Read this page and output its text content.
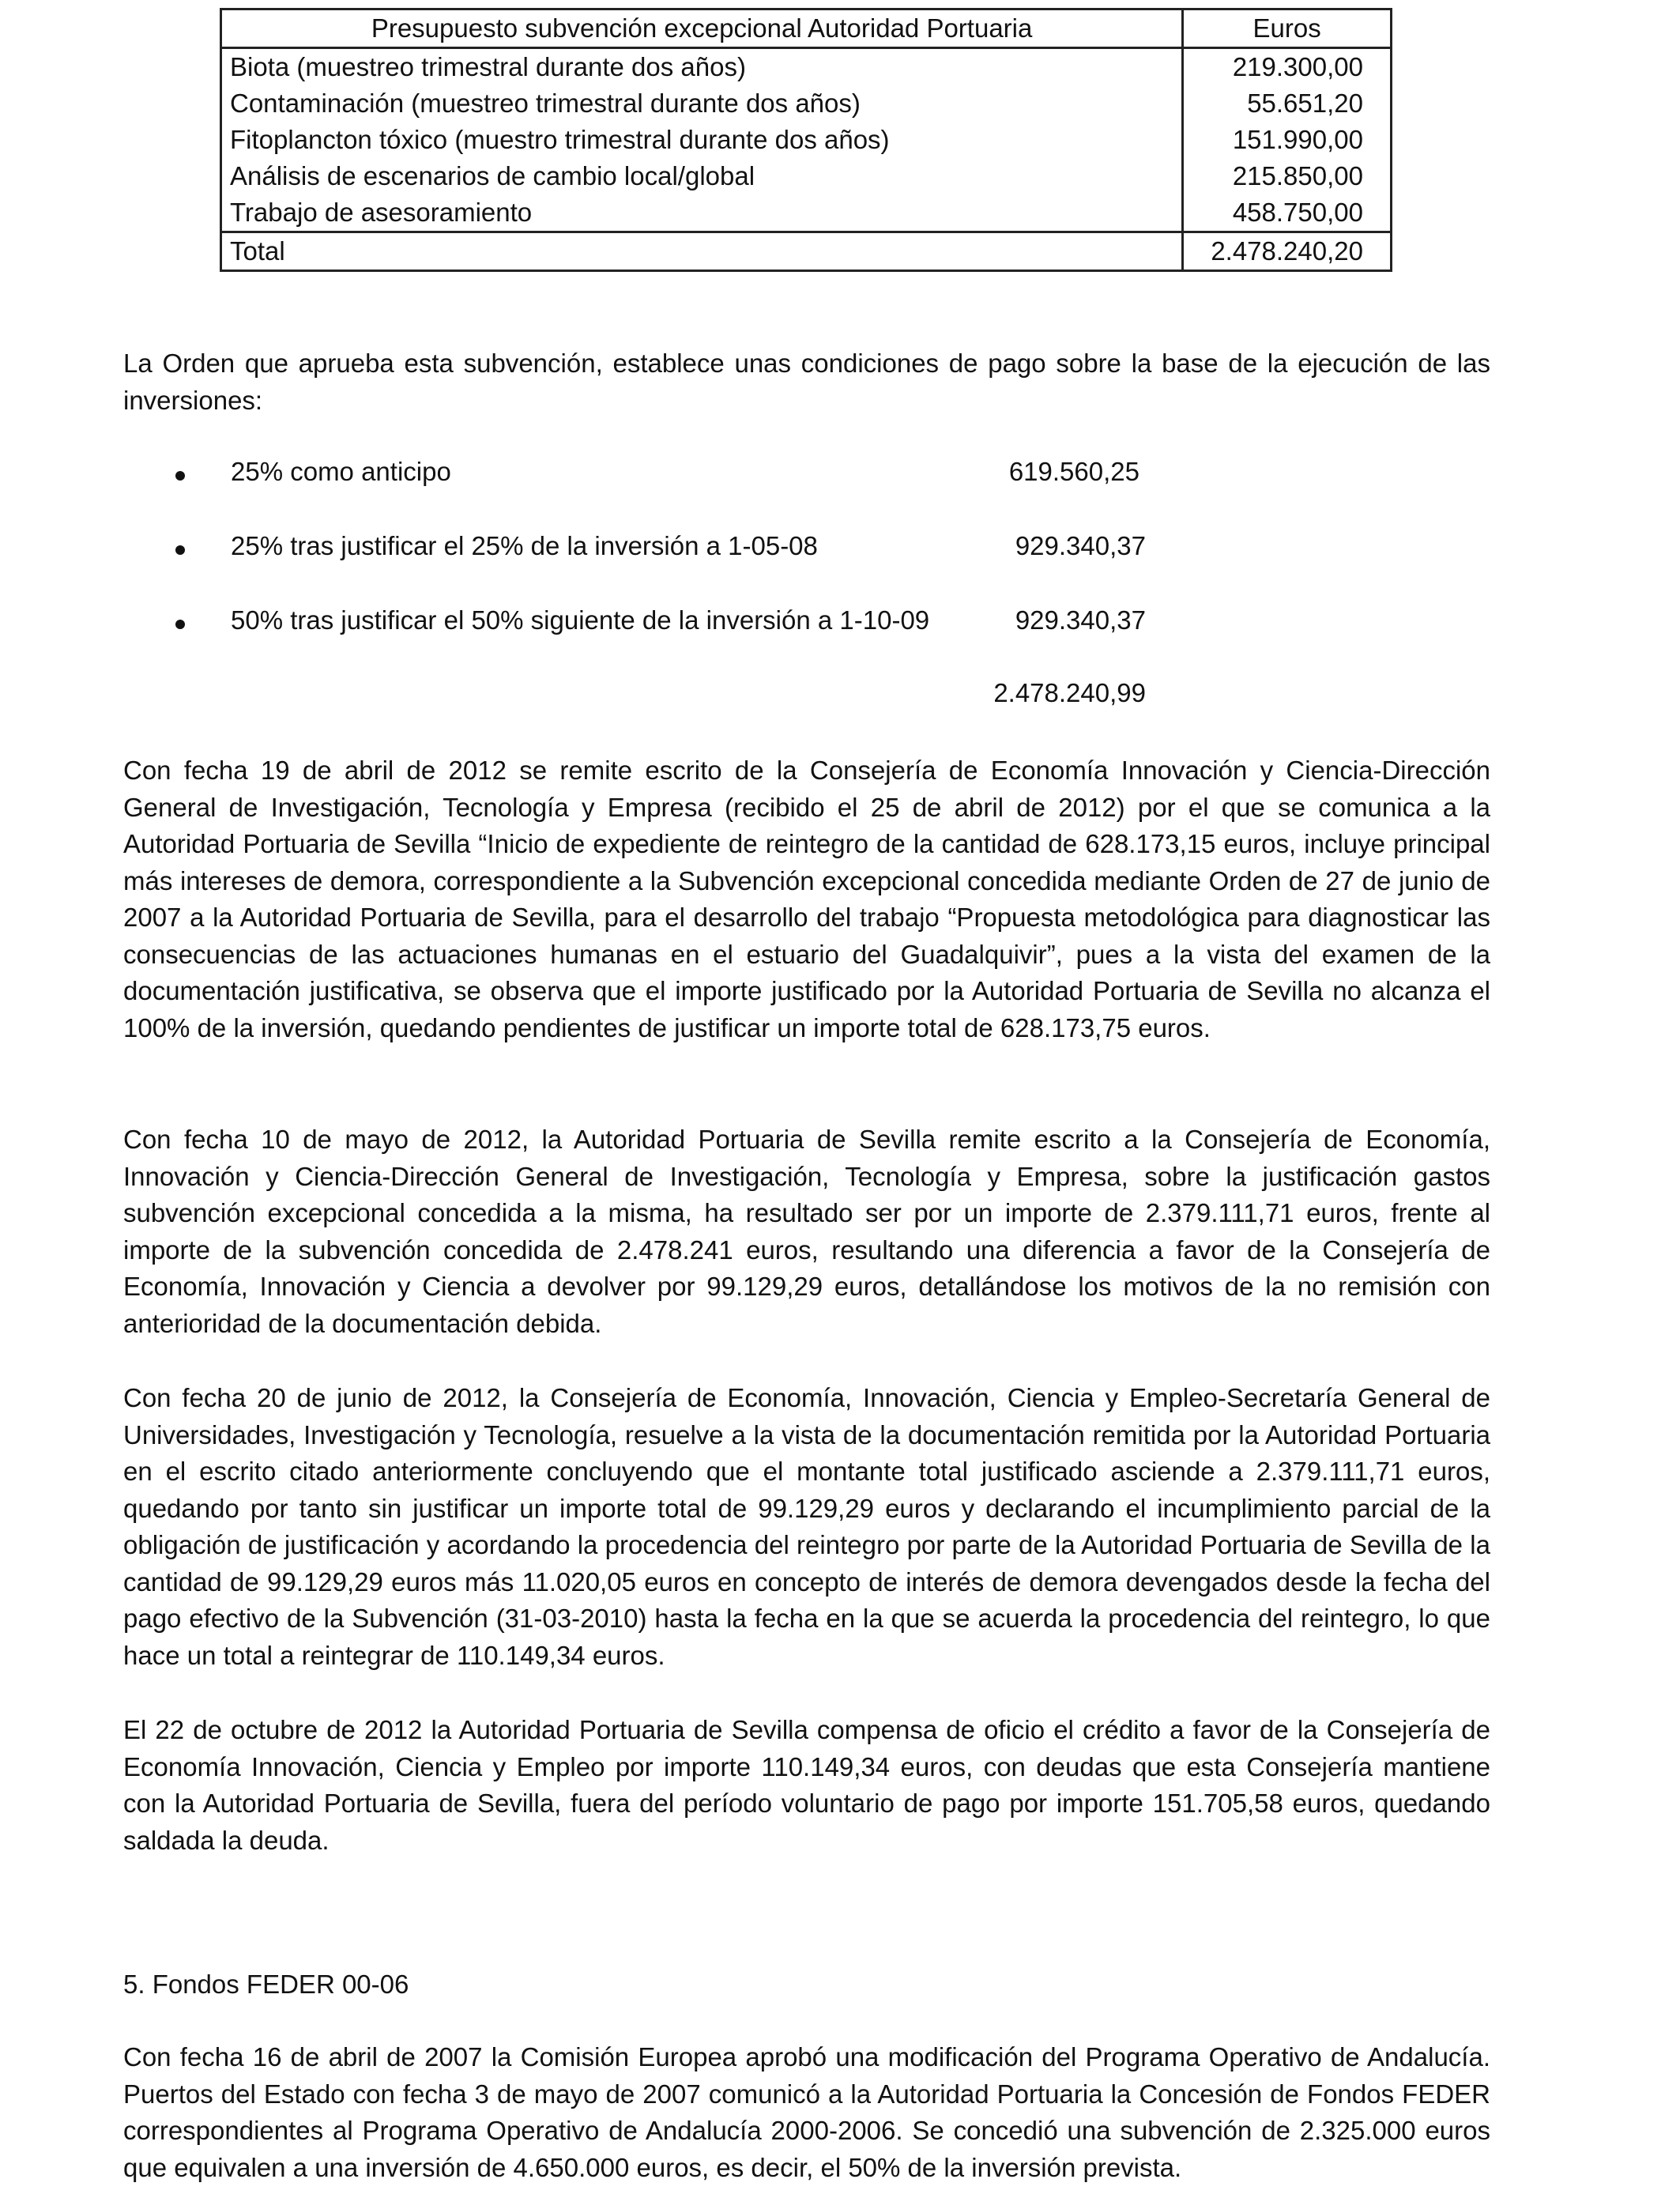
Presupuesto subvención excepcional Autoridad Portuaria	Euros
Biota (muestreo trimestral durante dos años)	219.300,00
Contaminación (muestreo trimestral durante dos años)	55.651,20
Fitoplancton tóxico (muestro trimestral durante dos años)	151.990,00
Análisis de escenarios de cambio local/global	215.850,00
Trabajo de asesoramiento	458.750,00
Total	2.478.240,20

La Orden que aprueba esta subvención, establece unas condiciones de pago sobre la base de la ejecución de las inversiones:

25% como anticipo	619.560,25
25% tras justificar el 25% de la inversión a 1-05-08	929.340,37
50% tras justificar el 50% siguiente de la inversión a 1-10-09	929.340,37
2.478.240,99

Con fecha 19 de abril de 2012 se remite escrito de la Consejería de Economía Innovación y Ciencia-Dirección General de Investigación, Tecnología y Empresa (recibido el 25 de abril de 2012) por el que se comunica a la Autoridad Portuaria de Sevilla “Inicio de expediente de reintegro de la cantidad de 628.173,15 euros, incluye principal más intereses de demora, correspondiente a la Subvención excepcional concedida mediante Orden de 27 de junio de 2007 a la Autoridad Portuaria de Sevilla, para el desarrollo del trabajo “Propuesta metodológica para diagnosticar las consecuencias de las actuaciones humanas en el estuario del Guadalquivir”, pues a la vista del examen de la documentación justificativa, se observa que el importe justificado por la Autoridad Portuaria de Sevilla no alcanza el 100% de la inversión, quedando pendientes de justificar un importe total de 628.173,75 euros.

Con fecha 10 de mayo de 2012, la Autoridad Portuaria de Sevilla remite escrito a la Consejería de Economía, Innovación y Ciencia-Dirección General de Investigación, Tecnología y Empresa, sobre la justificación gastos subvención excepcional concedida a la misma, ha resultado ser por un importe de 2.379.111,71 euros, frente al importe de la subvención concedida de 2.478.241 euros, resultando una diferencia a favor de la Consejería de Economía, Innovación y Ciencia a devolver por 99.129,29 euros, detallándose los motivos de la no remisión con anterioridad de la documentación debida.

Con fecha 20 de junio de 2012, la Consejería de Economía, Innovación, Ciencia y Empleo-Secretaría General de Universidades, Investigación y Tecnología, resuelve a la vista de la documentación remitida por la Autoridad Portuaria en el escrito citado anteriormente concluyendo que el montante total justificado asciende a 2.379.111,71 euros, quedando por tanto sin justificar un importe total de 99.129,29 euros y declarando el incumplimiento parcial de la obligación de justificación y acordando la procedencia del reintegro por parte de la Autoridad Portuaria de Sevilla de la cantidad de 99.129,29 euros más 11.020,05 euros en concepto de interés de demora devengados desde la fecha del pago efectivo de la Subvención (31-03-2010) hasta la fecha en la que se acuerda la procedencia del reintegro, lo que hace un total a reintegrar de 110.149,34 euros.

El 22 de octubre de 2012 la Autoridad Portuaria de Sevilla compensa de oficio el crédito a favor de la Consejería de Economía Innovación, Ciencia y Empleo por importe 110.149,34 euros, con deudas que esta Consejería mantiene con la Autoridad Portuaria de Sevilla, fuera del período voluntario de pago por importe 151.705,58 euros, quedando saldada la deuda.

5. Fondos FEDER 00-06

Con fecha 16 de abril de 2007 la Comisión Europea aprobó una modificación del Programa Operativo de Andalucía. Puertos del Estado con fecha 3 de mayo de 2007 comunicó a la Autoridad Portuaria la Concesión de Fondos FEDER correspondientes al Programa Operativo de Andalucía 2000-2006. Se concedió una subvención de 2.325.000 euros que equivalen a una inversión de 4.650.000 euros, es decir, el 50% de la inversión prevista.
